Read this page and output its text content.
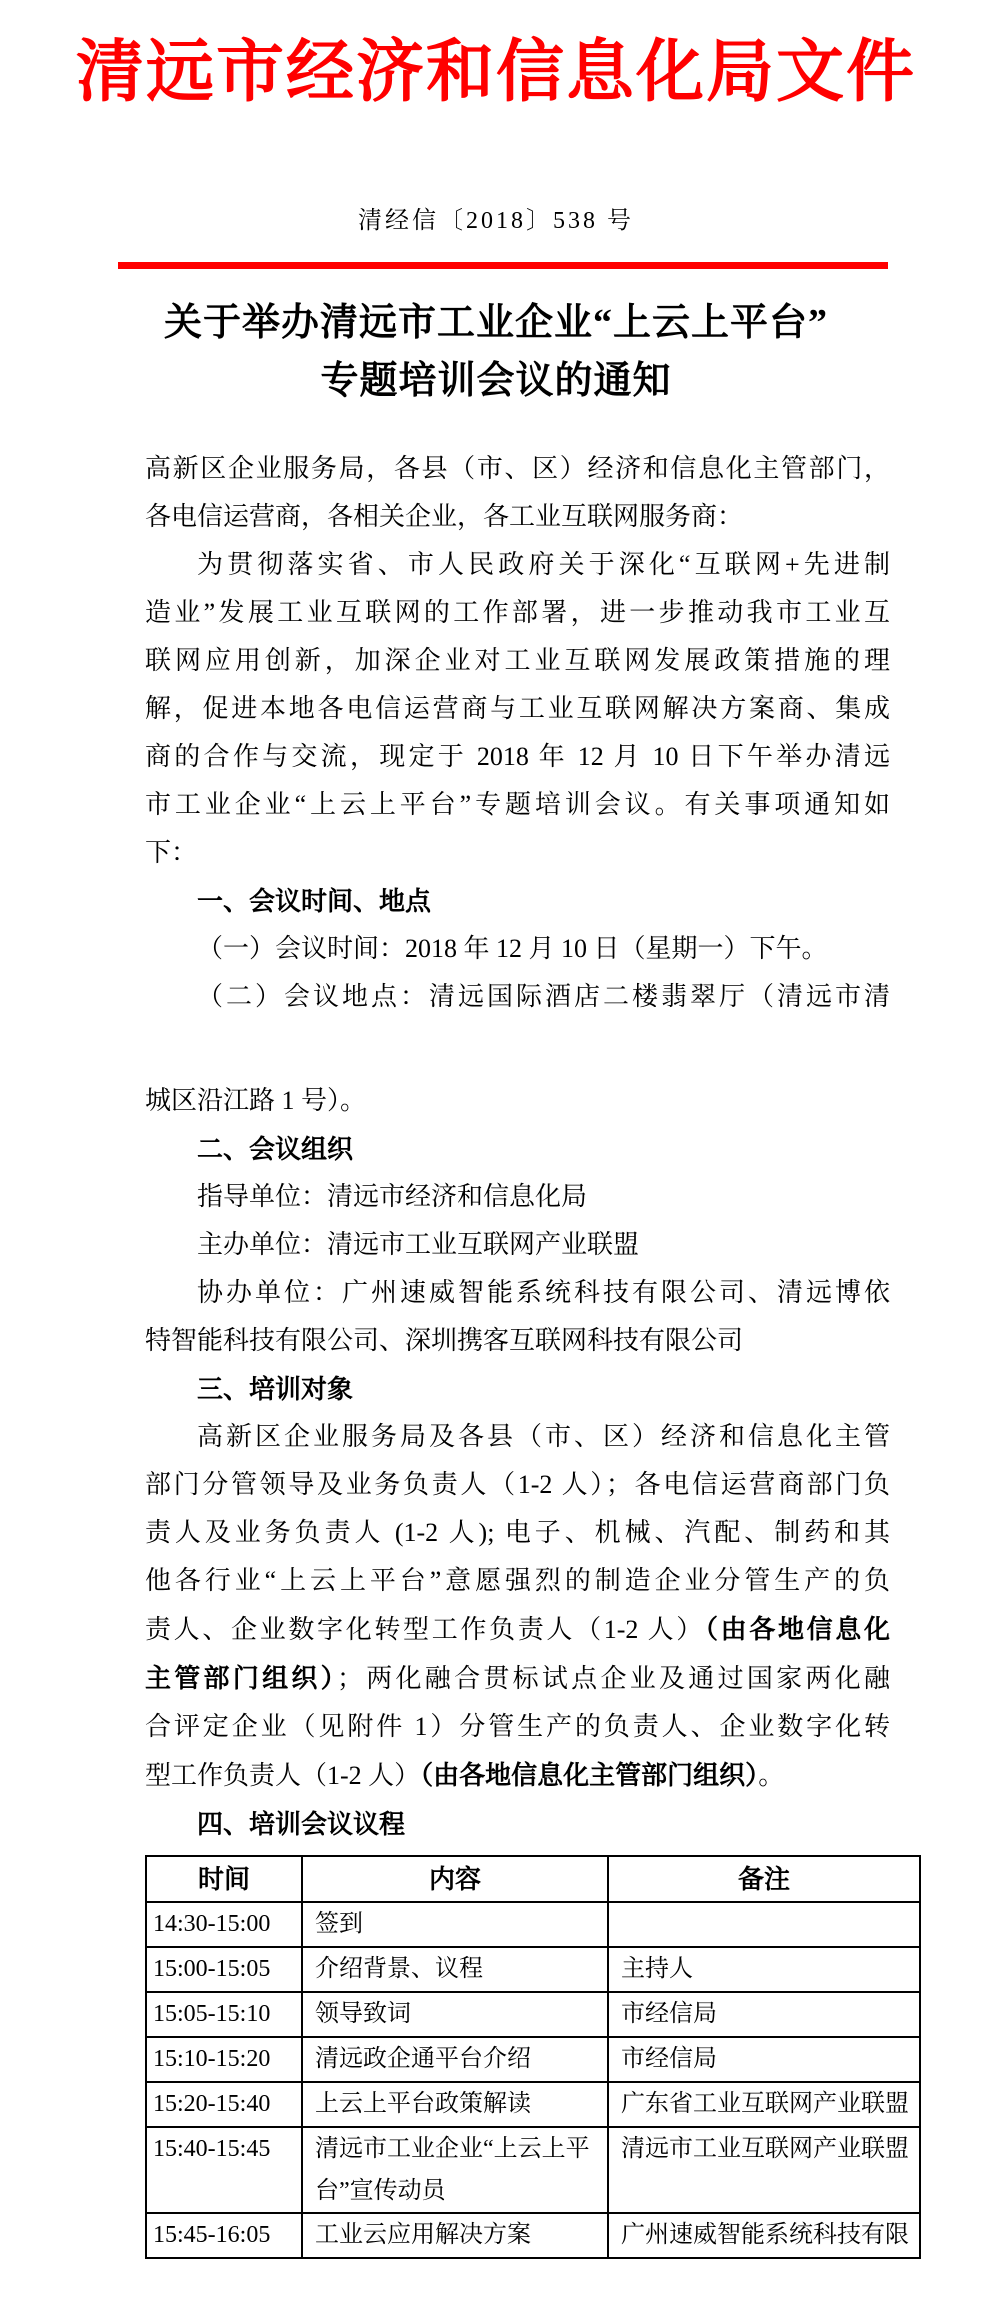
清远市经济和信息化局文件
清经信〔2018〕538 号
关于举办清远市工业企业“上云上平台”
专题培训会议的通知
高新区企业服务局，各县（市、区）经济和信息化主管部门，
各电信运营商，各相关企业，各工业互联网服务商：
为贯彻落实省、市人民政府关于深化“互联网+先进制
造业”发展工业互联网的工作部署，进一步推动我市工业互
联网应用创新，加深企业对工业互联网发展政策措施的理
解，促进本地各电信运营商与工业互联网解决方案商、集成
商的合作与交流，现定于 2018 年 12 月 10 日下午举办清远
市工业企业“上云上平台”专题培训会议。有关事项通知如
下：
一、会议时间、地点
（一）会议时间：2018 年 12 月 10 日（星期一）下午。
（二）会议地点：清远国际酒店二楼翡翠厅（清远市清
城区沿江路 1 号）。
二、会议组织
指导单位：清远市经济和信息化局
主办单位：清远市工业互联网产业联盟
协办单位：广州速威智能系统科技有限公司、清远博依
特智能科技有限公司、深圳携客互联网科技有限公司
三、培训对象
高新区企业服务局及各县（市、区）经济和信息化主管
部门分管领导及业务负责人（1-2 人）；各电信运营商部门负
责人及业务负责人 (1-2 人); 电子、机械、汽配、制药和其
他各行业“上云上平台”意愿强烈的制造企业分管生产的负
责人、企业数字化转型工作负责人（1-2 人）（由各地信息化
主管部门组织）；两化融合贯标试点企业及通过国家两化融
合评定企业（见附件 1）分管生产的负责人、企业数字化转
型工作负责人（1-2 人）（由各地信息化主管部门组织）。
四、培训会议议程
时间	内容	备注
14:30-15:00	签到	
15:00-15:05	介绍背景、议程	主持人
15:05-15:10	领导致词	市经信局
15:10-15:20	清远政企通平台介绍	市经信局
15:20-15:40	上云上平台政策解读	广东省工业互联网产业联盟
15:40-15:45	清远市工业企业“上云上平台”宣传动员	清远市工业互联网产业联盟
15:45-16:05	工业云应用解决方案	广州速威智能系统科技有限
